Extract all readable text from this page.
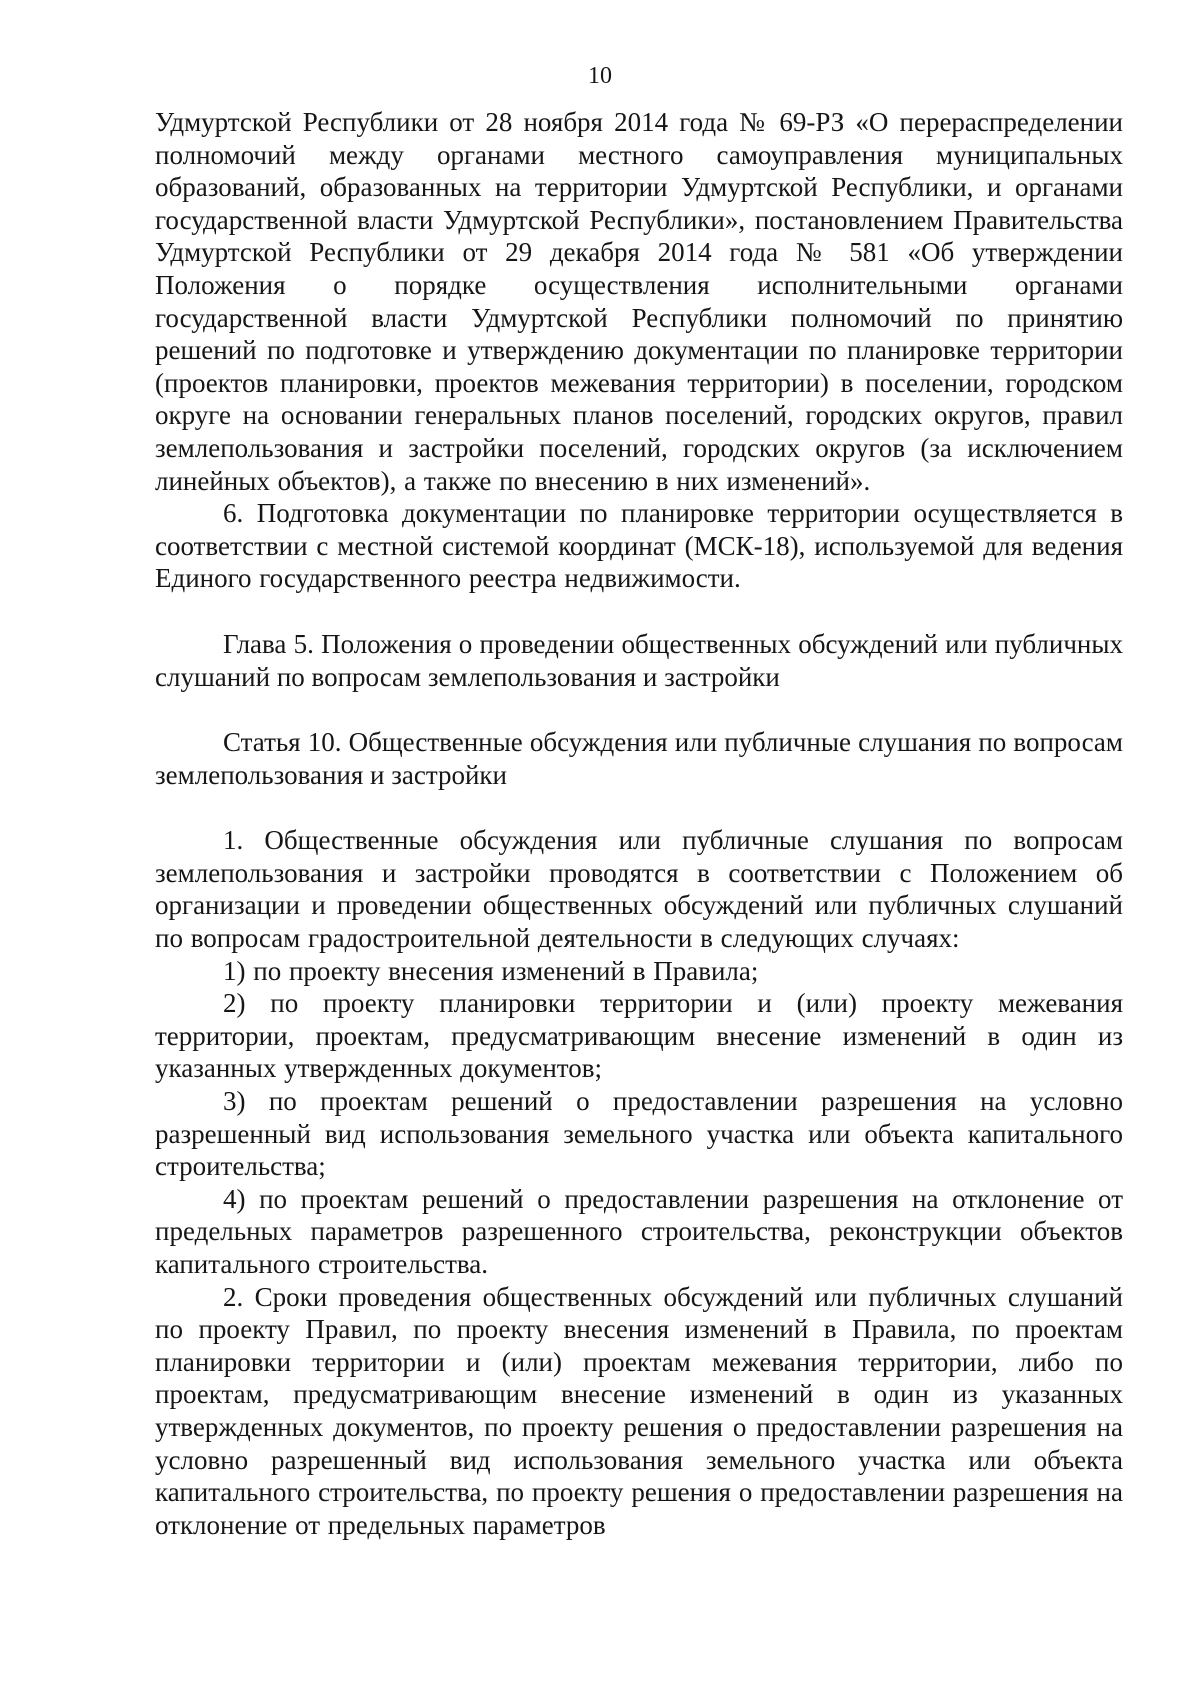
10

Удмуртской Республики от 28 ноября 2014 года № 69-РЗ «О перераспределении полномочий между органами местного самоуправления муниципальных образований, образованных на территории Удмуртской Республики, и органами государственной власти Удмуртской Республики», постановлением Правительства Удмуртской Республики от 29 декабря 2014 года № 581 «Об утверждении Положения о порядке осуществления исполнительными органами государственной власти Удмуртской Республики полномочий по принятию решений по подготовке и утверждению документации по планировке территории (проектов планировки, проектов межевания территории) в поселении, городском округе на основании генеральных планов поселений, городских округов, правил землепользования и застройки поселений, городских округов (за исключением линейных объектов), а также по внесению в них изменений».

6. Подготовка документации по планировке территории осуществляется в соответствии с местной системой координат (МСК-18), используемой для ведения Единого государственного реестра недвижимости.

Глава 5. Положения о проведении общественных обсуждений или публичных слушаний по вопросам землепользования и застройки

Статья 10. Общественные обсуждения или публичные слушания по вопросам землепользования и застройки

1. Общественные обсуждения или публичные слушания по вопросам землепользования и застройки проводятся в соответствии с Положением об организации и проведении общественных обсуждений или публичных слушаний по вопросам градостроительной деятельности в следующих случаях:

1) по проекту внесения изменений в Правила;

2) по проекту планировки территории и (или) проекту межевания территории, проектам, предусматривающим внесение изменений в один из указанных утвержденных документов;

3) по проектам решений о предоставлении разрешения на условно разрешенный вид использования земельного участка или объекта капитального строительства;

4) по проектам решений о предоставлении разрешения на отклонение от предельных параметров разрешенного строительства, реконструкции объектов капитального строительства.

2. Сроки проведения общественных обсуждений или публичных слушаний по проекту Правил, по проекту внесения изменений в Правила, по проектам планировки территории и (или) проектам межевания территории, либо по проектам, предусматривающим внесение изменений в один из указанных утвержденных документов, по проекту решения о предоставлении разрешения на условно разрешенный вид использования земельного участка или объекта капитального строительства, по проекту решения о предоставлении разрешения на отклонение от предельных параметров
